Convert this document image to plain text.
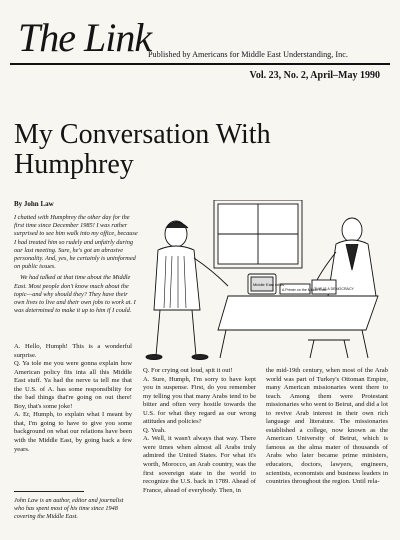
The Link
Published by Americans for Middle East Understanding, Inc.
Vol. 23, No. 2, April–May 1990
My Conversation With
Humphrey
By John Law

I chatted with Humphrey the other day for the first time since December 1985! I was rather surprised to see him walk into my office, because I had treated him so rudely and unfairly during our last meeting. Sure, he's got an abrasive personality. And, yes, he certainly is uninformed on public issues.

We had talked at that time about the Middle East. Most people don't know much about the topic—and why should they? They have their own lives to live and their own jobs to work at. I was determined to make it up to him if I could.

Middle East crisis
A Primer on the Middle East
THIS IS A DEMOCRACY

A. Hello, Humph! This is a wonderful surprise.

Q. Ya tole me you were gonna explain how American policy fits inta all this Middle East stuff. Ya had the nerve ta tell me that the U.S. of A. has some responsibility for the bad things that're going on out there! Boy, that's some joke!

A. Er, Humph, to explain what I meant by that, I'm going to have to give you some background on what our relations have been with the Middle East, by going back a few years.

John Law is an author, editor and journalist who has spent most of his time since 1948 covering the Middle East.

Q. For crying out loud, spit it out!

A. Sure, Humph, I'm sorry to have kept you in suspense. First, do you remember my telling you that many Arabs tend to be bitter and often very hostile towards the U.S. for what they regard as our wrong attitudes and policies?

Q. Yeah.

A. Well, it wasn't always that way. There were times when almost all Arabs truly admired the United States. For what it's worth, Morocco, an Arab country, was the first sovereign state in the world to recognize the U.S. back in 1789. Ahead of France, ahead of everybody. Then, in

the mid-19th century, when most of the Arab world was part of Turkey's Ottoman Empire, many American missionaries went there to teach. Among them were Protestant missionaries who went to Beirut, and did a lot to revive Arab interest in their own rich language and literature. The missionaries established a college, now known as the American University of Beirut, which is famous as the alma mater of thousands of Arabs who later became prime ministers, educators, doctors, lawyers, engineers, scientists, economists and business leaders in countries throughout the region. Until rela-
